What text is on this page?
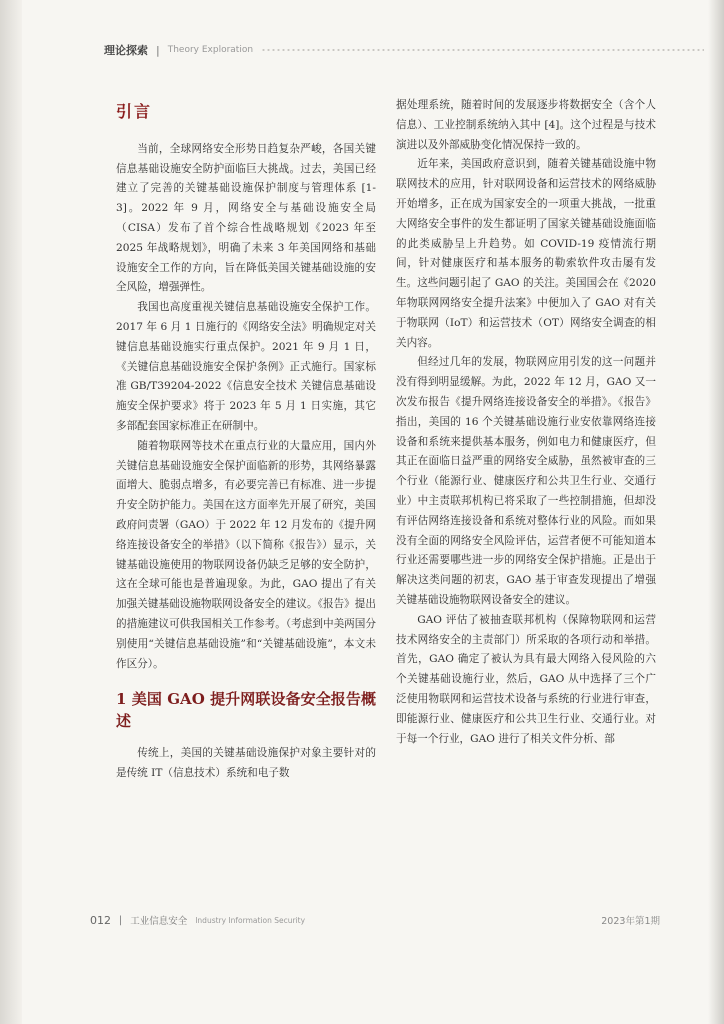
理论探索 | Theory Exploration
引言

当前，全球网络安全形势日趋复杂严峻，各国关键信息基础设施安全防护面临巨大挑战。过去，美国已经建立了完善的关键基础设施保护制度与管理体系 [1-3]。2022 年 9 月，网络安全与基础设施安全局（CISA）发布了首个综合性战略规划《2023 年至 2025 年战略规划》，明确了未来 3 年美国网络和基础设施安全工作的方向，旨在降低美国关键基础设施的安全风险，增强弹性。

我国也高度重视关键信息基础设施安全保护工作。2017 年 6 月 1 日施行的《网络安全法》明确规定对关键信息基础设施实行重点保护。2021 年 9 月 1 日，《关键信息基础设施安全保护条例》正式施行。国家标准 GB/T39204-2022《信息安全技术 关键信息基础设施安全保护要求》将于 2023 年 5 月 1 日实施，其它多部配套国家标准正在研制中。

随着物联网等技术在重点行业的大量应用，国内外关键信息基础设施安全保护面临新的形势，其网络暴露面增大、脆弱点增多，有必要完善已有标准、进一步提升安全防护能力。美国在这方面率先开展了研究，美国政府问责署（GAO）于 2022 年 12 月发布的《提升网络连接设备安全的举措》（以下简称《报告》）显示，关键基础设施使用的物联网设备仍缺乏足够的安全防护，这在全球可能也是普遍现象。为此，GAO 提出了有关加强关键基础设施物联网设备安全的建议。《报告》提出的措施建议可供我国相关工作参考。（考虑到中美两国分别使用“关键信息基础设施”和“关键基础设施”，本文未作区分）。

1 美国 GAO 提升网联设备安全报告概述

传统上，美国的关键基础设施保护对象主要针对的是传统 IT（信息技术）系统和电子数

据处理系统，随着时间的发展逐步将数据安全（含个人信息）、工业控制系统纳入其中 [4]。这个过程是与技术演进以及外部威胁变化情况保持一致的。

近年来，美国政府意识到，随着关键基础设施中物联网技术的应用，针对联网设备和运营技术的网络威胁开始增多，正在成为国家安全的一项重大挑战，一批重大网络安全事件的发生都证明了国家关键基础设施面临的此类威胁呈上升趋势。如 COVID-19 疫情流行期间，针对健康医疗和基本服务的勒索软件攻击屡有发生。这些问题引起了 GAO 的关注。美国国会在《2020 年物联网网络安全提升法案》中便加入了 GAO 对有关于物联网（IoT）和运营技术（OT）网络安全调查的相关内容。

但经过几年的发展，物联网应用引发的这一问题并没有得到明显缓解。为此，2022 年 12 月，GAO 又一次发布报告《提升网络连接设备安全的举措》。《报告》指出，美国的 16 个关键基础设施行业安依靠网络连接设备和系统来提供基本服务，例如电力和健康医疗，但其正在面临日益严重的网络安全威胁，虽然被审查的三个行业（能源行业、健康医疗和公共卫生行业、交通行业）中主责联邦机构已将采取了一些控制措施，但却没有评估网络连接设备和系统对整体行业的风险。而如果没有全面的网络安全风险评估，运营者便不可能知道本行业还需要哪些进一步的网络安全保护措施。正是出于解决这类问题的初衷，GAO 基于审查发现提出了增强关键基础设施物联网设备安全的建议。

GAO 评估了被抽查联邦机构（保障物联网和运营技术网络安全的主责部门）所采取的各项行动和举措。首先，GAO 确定了被认为具有最大网络入侵风险的六个关键基础设施行业，然后，GAO 从中选择了三个广泛使用物联网和运营技术设备与系统的行业进行审查，即能源行业、健康医疗和公共卫生行业、交通行业。对于每一个行业，GAO 进行了相关文件分析、部

012 | 工业信息安全 Industry Information Security	2023年第1期
